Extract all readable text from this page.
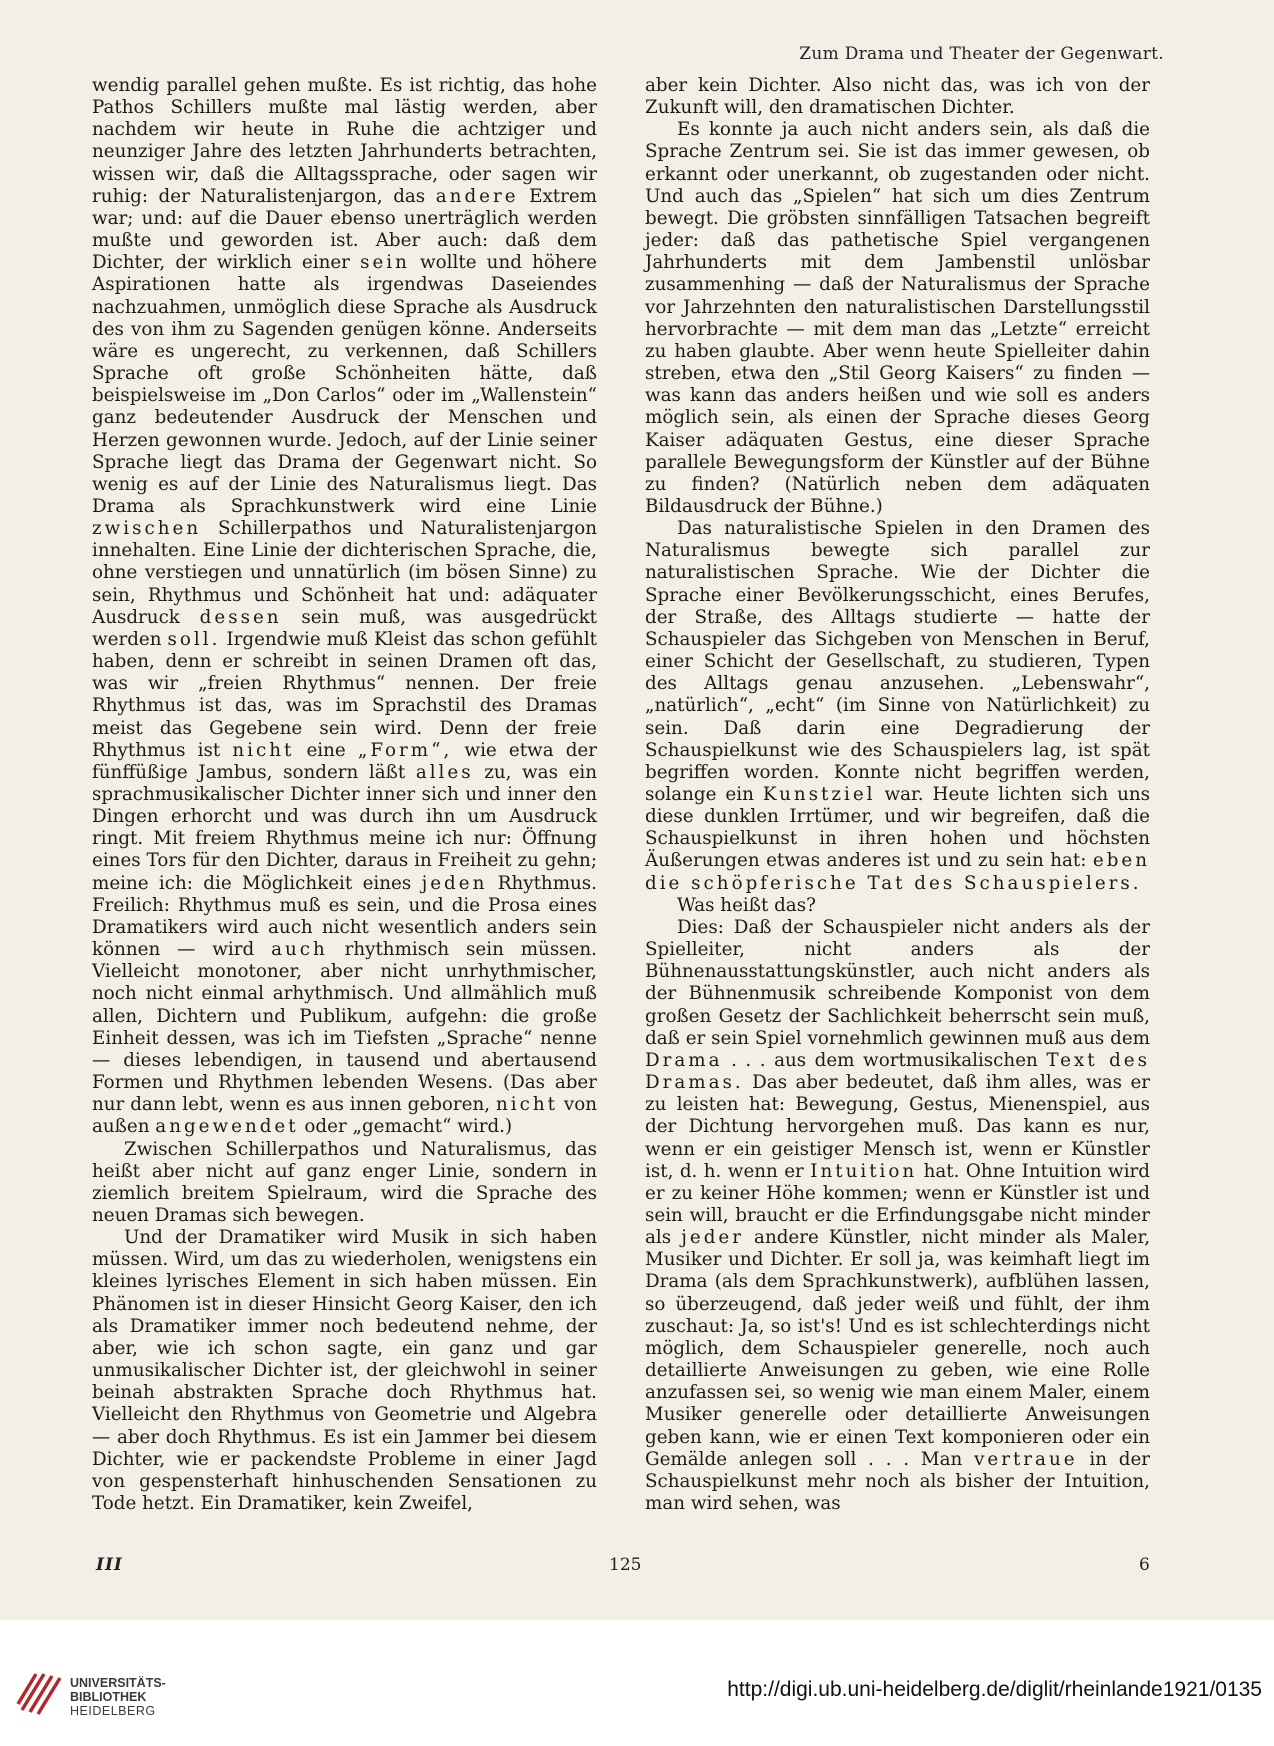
Zum Drama und Theater der Gegenwart.

wendig parallel gehen mußte. Es ist richtig, das hohe Pathos Schillers mußte mal lästig werden, aber nachdem wir heute in Ruhe die achtziger und neunziger Jahre des letzten Jahrhunderts betrachten, wissen wir, daß die Alltagssprache, oder sagen wir ruhig: der Naturalistenjargon, das andere Extrem war; und: auf die Dauer ebenso unerträglich werden mußte und geworden ist. Aber auch: daß dem Dichter, der wirklich einer sein wollte und höhere Aspirationen hatte als irgendwas Daseiendes nachzuahmen, unmöglich diese Sprache als Ausdruck des von ihm zu Sagenden genügen könne. Anderseits wäre es ungerecht, zu verkennen, daß Schillers Sprache oft große Schönheiten hätte, daß beispielsweise im „Don Carlos“ oder im „Wallenstein“ ganz bedeutender Ausdruck der Menschen und Herzen gewonnen wurde. Jedoch, auf der Linie seiner Sprache liegt das Drama der Gegenwart nicht. So wenig es auf der Linie des Naturalismus liegt. Das Drama als Sprachkunstwerk wird eine Linie zwischen Schillerpathos und Naturalistenjargon innehalten. Eine Linie der dichterischen Sprache, die, ohne verstiegen und unnatürlich (im bösen Sinne) zu sein, Rhythmus und Schönheit hat und: adäquater Ausdruck dessen sein muß, was ausgedrückt werden soll. Irgendwie muß Kleist das schon gefühlt haben, denn er schreibt in seinen Dramen oft das, was wir „freien Rhythmus“ nennen. Der freie Rhythmus ist das, was im Sprachstil des Dramas meist das Gegebene sein wird. Denn der freie Rhythmus ist nicht eine „Form“, wie etwa der fünffüßige Jambus, sondern läßt alles zu, was ein sprachmusikalischer Dichter inner sich und inner den Dingen erhorcht und was durch ihn um Ausdruck ringt. Mit freiem Rhythmus meine ich nur: Öffnung eines Tors für den Dichter, daraus in Freiheit zu gehn; meine ich: die Möglichkeit eines jeden Rhythmus. Freilich: Rhythmus muß es sein, und die Prosa eines Dramatikers wird auch nicht wesentlich anders sein können — wird auch rhythmisch sein müssen. Vielleicht monotoner, aber nicht unrhythmischer, noch nicht einmal arhythmisch. Und allmählich muß allen, Dichtern und Publikum, aufgehn: die große Einheit dessen, was ich im Tiefsten „Sprache“ nenne — dieses lebendigen, in tausend und abertausend Formen und Rhythmen lebenden Wesens. (Das aber nur dann lebt, wenn es aus innen geboren, nicht von außen angewendet oder „gemacht“ wird.)

Zwischen Schillerpathos und Naturalismus, das heißt aber nicht auf ganz enger Linie, sondern in ziemlich breitem Spielraum, wird die Sprache des neuen Dramas sich bewegen.

Und der Dramatiker wird Musik in sich haben müssen. Wird, um das zu wiederholen, wenigstens ein kleines lyrisches Element in sich haben müssen. Ein Phänomen ist in dieser Hinsicht Georg Kaiser, den ich als Dramatiker immer noch bedeutend nehme, der aber, wie ich schon sagte, ein ganz und gar unmusikalischer Dichter ist, der gleichwohl in seiner beinah abstrakten Sprache doch Rhythmus hat. Vielleicht den Rhythmus von Geometrie und Algebra — aber doch Rhythmus. Es ist ein Jammer bei diesem Dichter, wie er packendste Probleme in einer Jagd von gespensterhaft hinhuschenden Sensationen zu Tode hetzt. Ein Dramatiker, kein Zweifel,

aber kein Dichter. Also nicht das, was ich von der Zukunft will, den dramatischen Dichter.

Es konnte ja auch nicht anders sein, als daß die Sprache Zentrum sei. Sie ist das immer gewesen, ob erkannt oder unerkannt, ob zugestanden oder nicht. Und auch das „Spielen“ hat sich um dies Zentrum bewegt. Die gröbsten sinnfälligen Tatsachen begreift jeder: daß das pathetische Spiel vergangenen Jahrhunderts mit dem Jambenstil unlösbar zusammenhing — daß der Naturalismus der Sprache vor Jahrzehnten den naturalistischen Darstellungsstil hervorbrachte — mit dem man das „Letzte“ erreicht zu haben glaubte. Aber wenn heute Spielleiter dahin streben, etwa den „Stil Georg Kaisers“ zu finden — was kann das anders heißen und wie soll es anders möglich sein, als einen der Sprache dieses Georg Kaiser adäquaten Gestus, eine dieser Sprache parallele Bewegungsform der Künstler auf der Bühne zu finden? (Natürlich neben dem adäquaten Bildausdruck der Bühne.)

Das naturalistische Spielen in den Dramen des Naturalismus bewegte sich parallel zur naturalistischen Sprache. Wie der Dichter die Sprache einer Bevölkerungsschicht, eines Berufes, der Straße, des Alltags studierte — hatte der Schauspieler das Sichgeben von Menschen in Beruf, einer Schicht der Gesellschaft, zu studieren, Typen des Alltags genau anzusehen. „Lebenswahr“, „natürlich“, „echt“ (im Sinne von Natürlichkeit) zu sein. Daß darin eine Degradierung der Schauspielkunst wie des Schauspielers lag, ist spät begriffen worden. Konnte nicht begriffen werden, solange ein Kunstziel war. Heute lichten sich uns diese dunklen Irrtümer, und wir begreifen, daß die Schauspielkunst in ihren hohen und höchsten Äußerungen etwas anderes ist und zu sein hat: eben die schöpferische Tat des Schauspielers.

Was heißt das?

Dies: Daß der Schauspieler nicht anders als der Spielleiter, nicht anders als der Bühnenausstattungskünstler, auch nicht anders als der Bühnenmusik schreibende Komponist von dem großen Gesetz der Sachlichkeit beherrscht sein muß, daß er sein Spiel vornehmlich gewinnen muß aus dem Drama . . . aus dem wortmusikalischen Text des Dramas. Das aber bedeutet, daß ihm alles, was er zu leisten hat: Bewegung, Gestus, Mienenspiel, aus der Dichtung hervorgehen muß. Das kann es nur, wenn er ein geistiger Mensch ist, wenn er Künstler ist, d. h. wenn er Intuition hat. Ohne Intuition wird er zu keiner Höhe kommen; wenn er Künstler ist und sein will, braucht er die Erfindungsgabe nicht minder als jeder andere Künstler, nicht minder als Maler, Musiker und Dichter. Er soll ja, was keimhaft liegt im Drama (als dem Sprachkunstwerk), aufblühen lassen, so überzeugend, daß jeder weiß und fühlt, der ihm zuschaut: Ja, so ist's! Und es ist schlechterdings nicht möglich, dem Schauspieler generelle, noch auch detaillierte Anweisungen zu geben, wie eine Rolle anzufassen sei, so wenig wie man einem Maler, einem Musiker generelle oder detaillierte Anweisungen geben kann, wie er einen Text komponieren oder ein Gemälde anlegen soll . . . Man vertraue in der Schauspielkunst mehr noch als bisher der Intuition, man wird sehen, was

III	125	6
UNIVERSITÄTS-
BIBLIOTHEK
HEIDELBERG
http://digi.ub.uni-heidelberg.de/diglit/rheinlande1921/0135
